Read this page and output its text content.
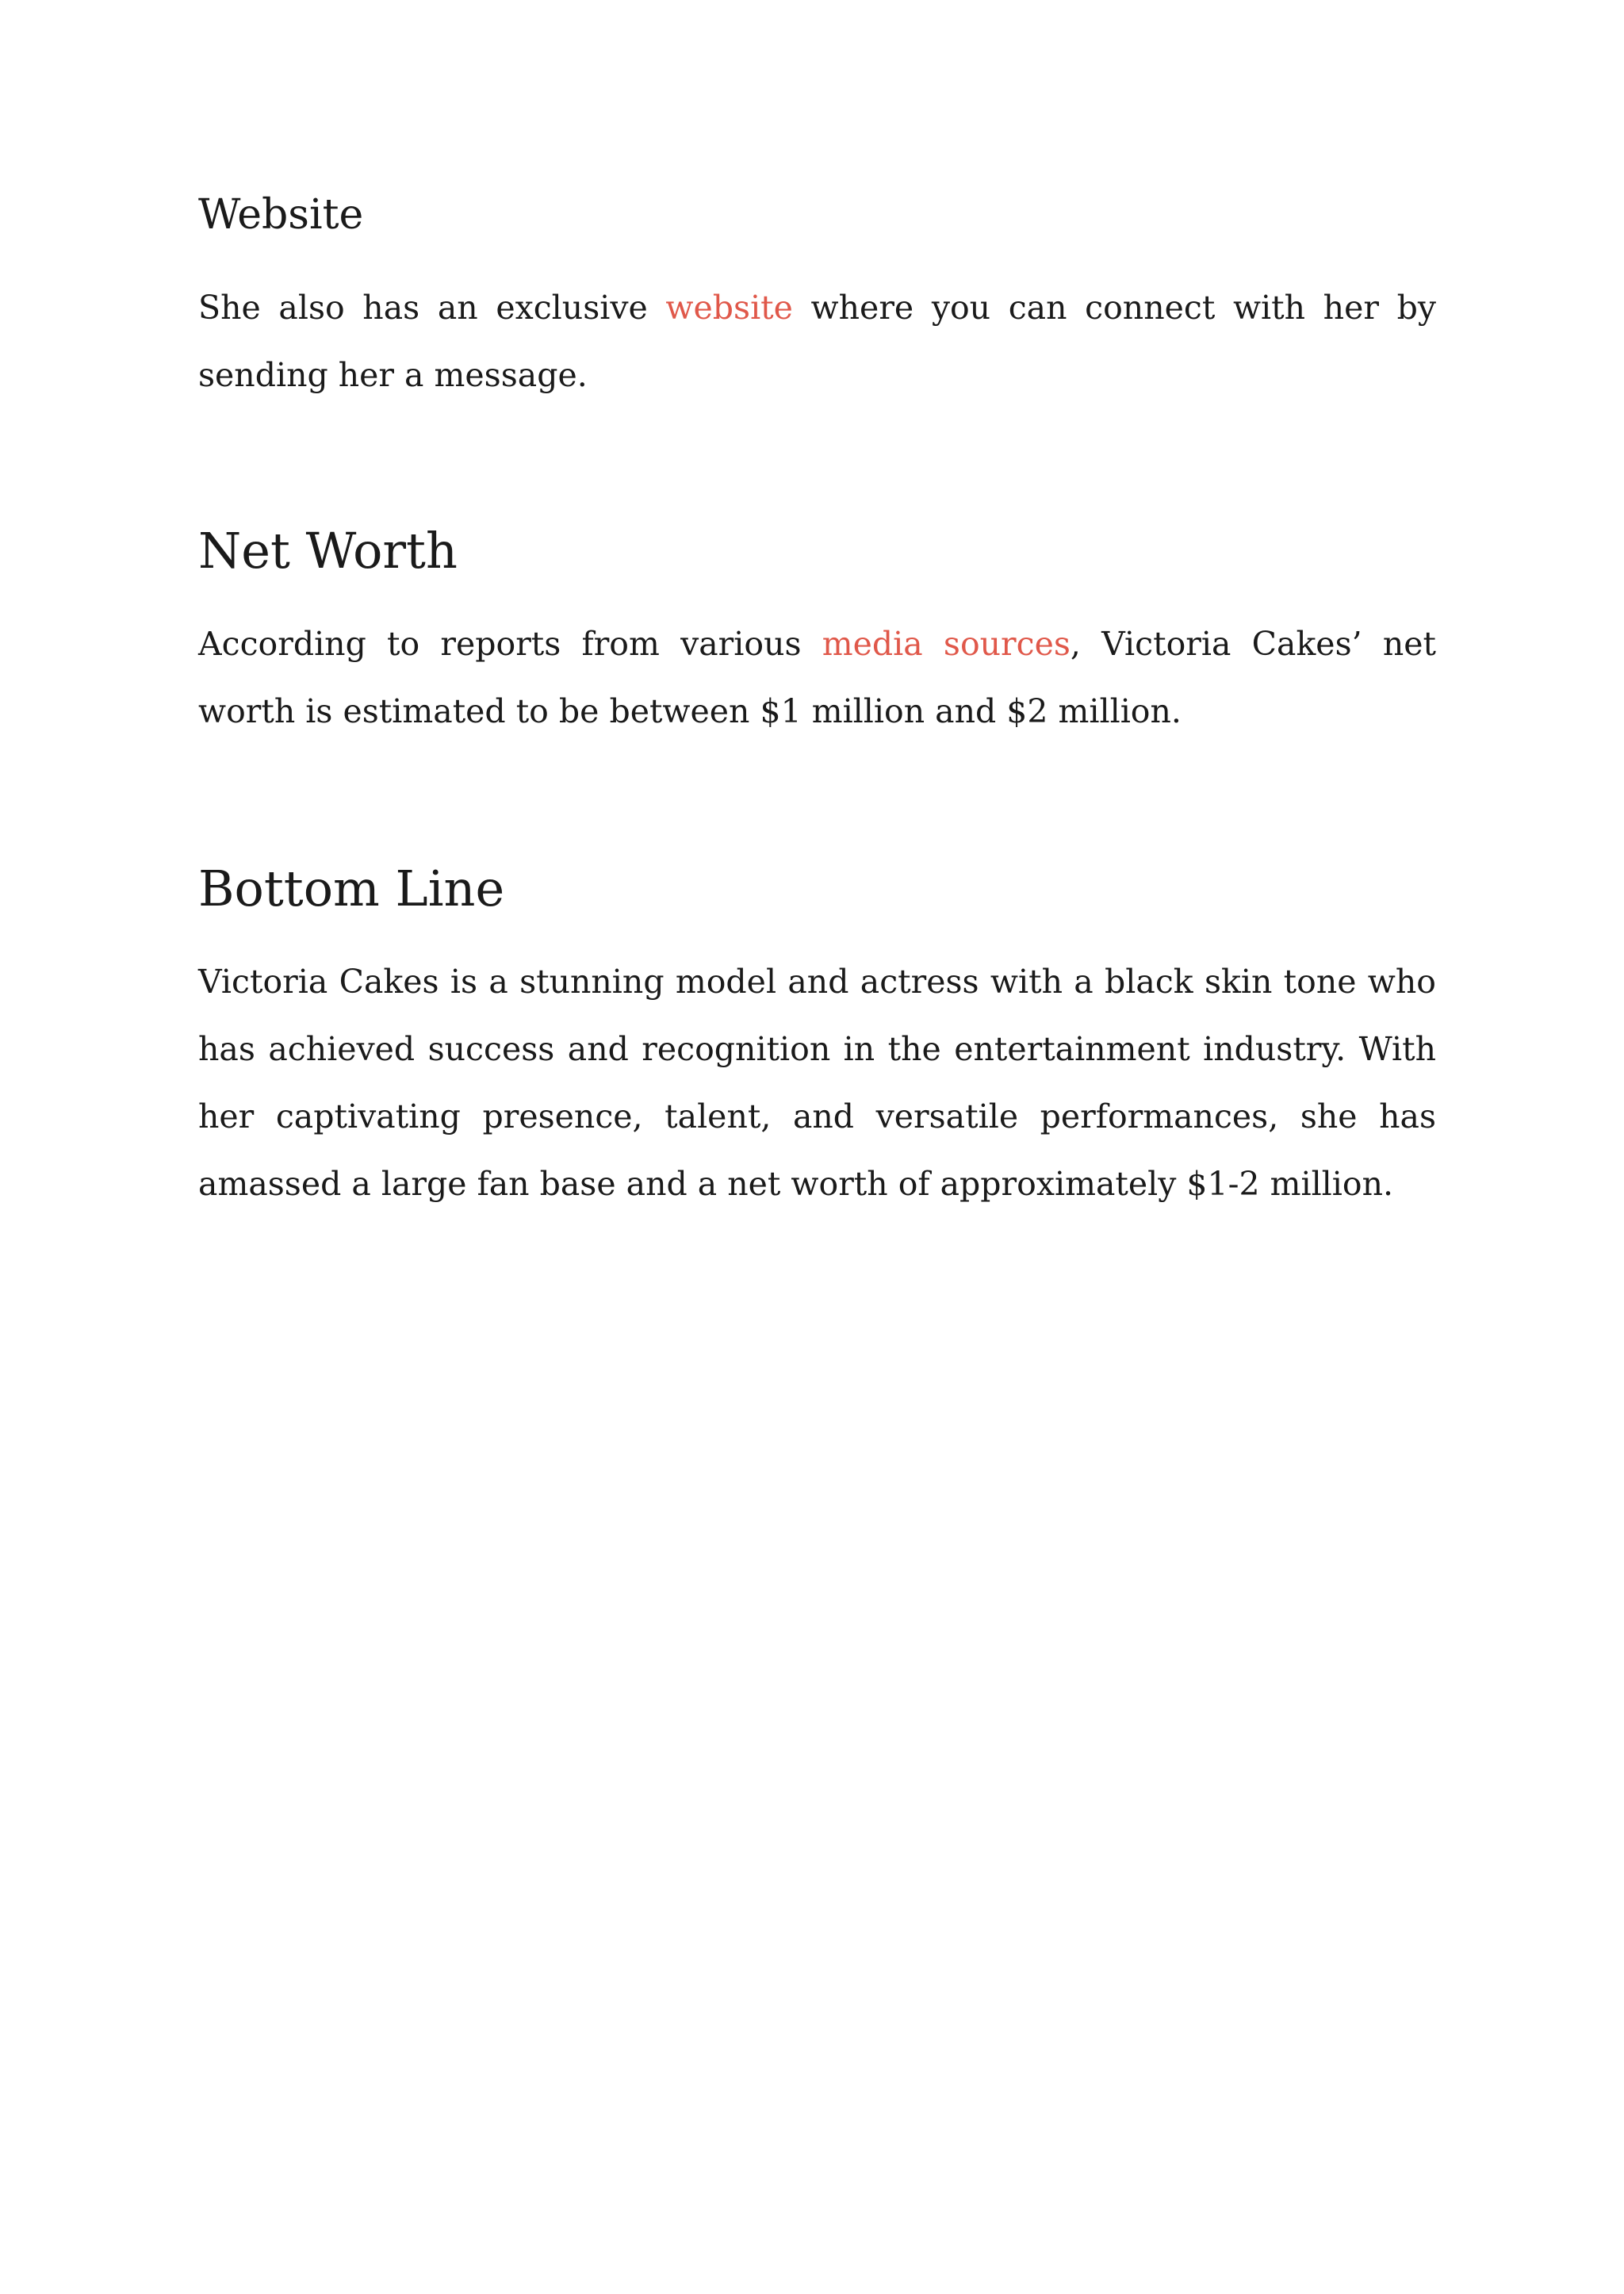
Website

She also has an exclusive website where you can connect with her by sending her a message.

Net Worth

According to reports from various media sources, Victoria Cakes’ net worth is estimated to be between $1 million and $2 million.

Bottom Line

Victoria Cakes is a stunning model and actress with a black skin tone who has achieved success and recognition in the entertainment industry. With her captivating presence, talent, and versatile performances, she has amassed a large fan base and a net worth of approximately $1-2 million.
